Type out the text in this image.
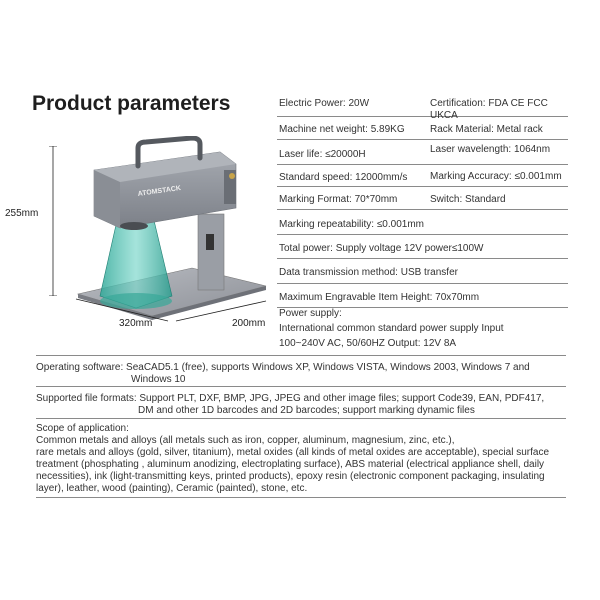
Product parameters	Electric Power: 20W	Certification: FDA CE FCC UKCA
Machine net weight: 5.89KG	Rack Material: Metal rack
Laser life: ≤20000H	Laser wavelength: 1064nm
Standard speed: 12000mm/s Marking Accuracy: ≤0.001mm
Marking Format: 70*70mm	Switch: Standard
Marking repeatability: ≤0.001mm
Total power: Supply voltage 12V power≤100W
Data transmission method: USB transfer
Maximum Engravable Item Height: 70x70mm
Power supply:
International common standard power supply Input
100~240V AC, 50/60HZ Output: 12V 8A
ATOMSTACK
255mm
320mm	200mm
Operating software: SeaCAD5.1 (free), supports Windows XP, Windows VISTA, Windows 2003, Windows 7 and
Windows 10
Supported file formats: Support PLT, DXF, BMP, JPG, JPEG and other image files; support Code39, EAN, PDF417,
DM and other 1D barcodes and 2D barcodes; support marking dynamic files
Scope of application:
Common metals and alloys (all metals such as iron, copper, aluminum, magnesium, zinc, etc.),
rare metals and alloys (gold, silver, titanium), metal oxides (all kinds of metal oxides are acceptable), special surface
treatment (phosphating , aluminum anodizing, electroplating surface), ABS material (electrical appliance shell, daily
necessities), ink (light-transmitting keys, printed products), epoxy resin (electronic component packaging, insulating
layer), leather, wood (painting), Ceramic (painted), stone, etc.
